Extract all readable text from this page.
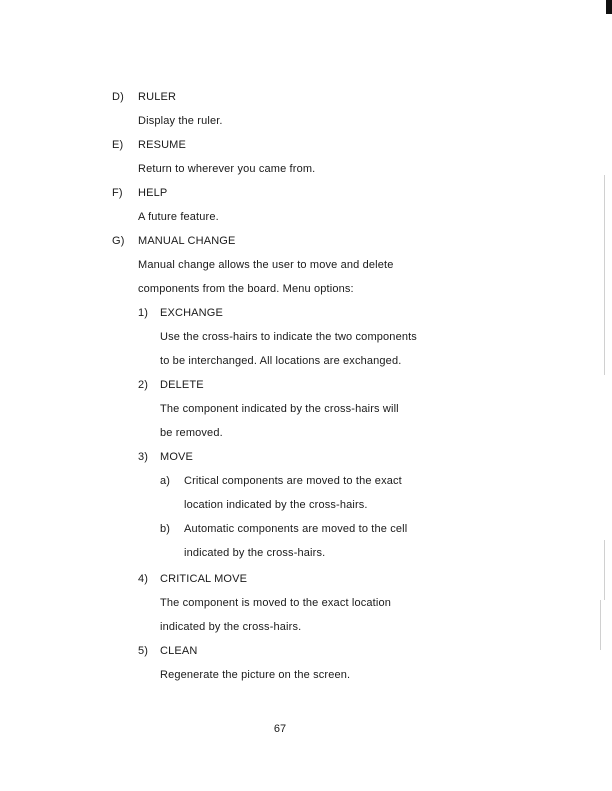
D) RULER
Display the ruler.
E) RESUME
Return to wherever you came from.
F) HELP
A future feature.
G) MANUAL CHANGE
Manual change allows the user to move and delete
components from the board. Menu options:
1) EXCHANGE
Use the cross-hairs to indicate the two components
to be interchanged. All locations are exchanged.
2) DELETE
The component indicated by the cross-hairs will
be removed.
3) MOVE
a) Critical components are moved to the exact
location indicated by the cross-hairs.
b) Automatic components are moved to the cell
indicated by the cross-hairs.
4) CRITICAL MOVE
The component is moved to the exact location
indicated by the cross-hairs.
5) CLEAN
Regenerate the picture on the screen.
67
